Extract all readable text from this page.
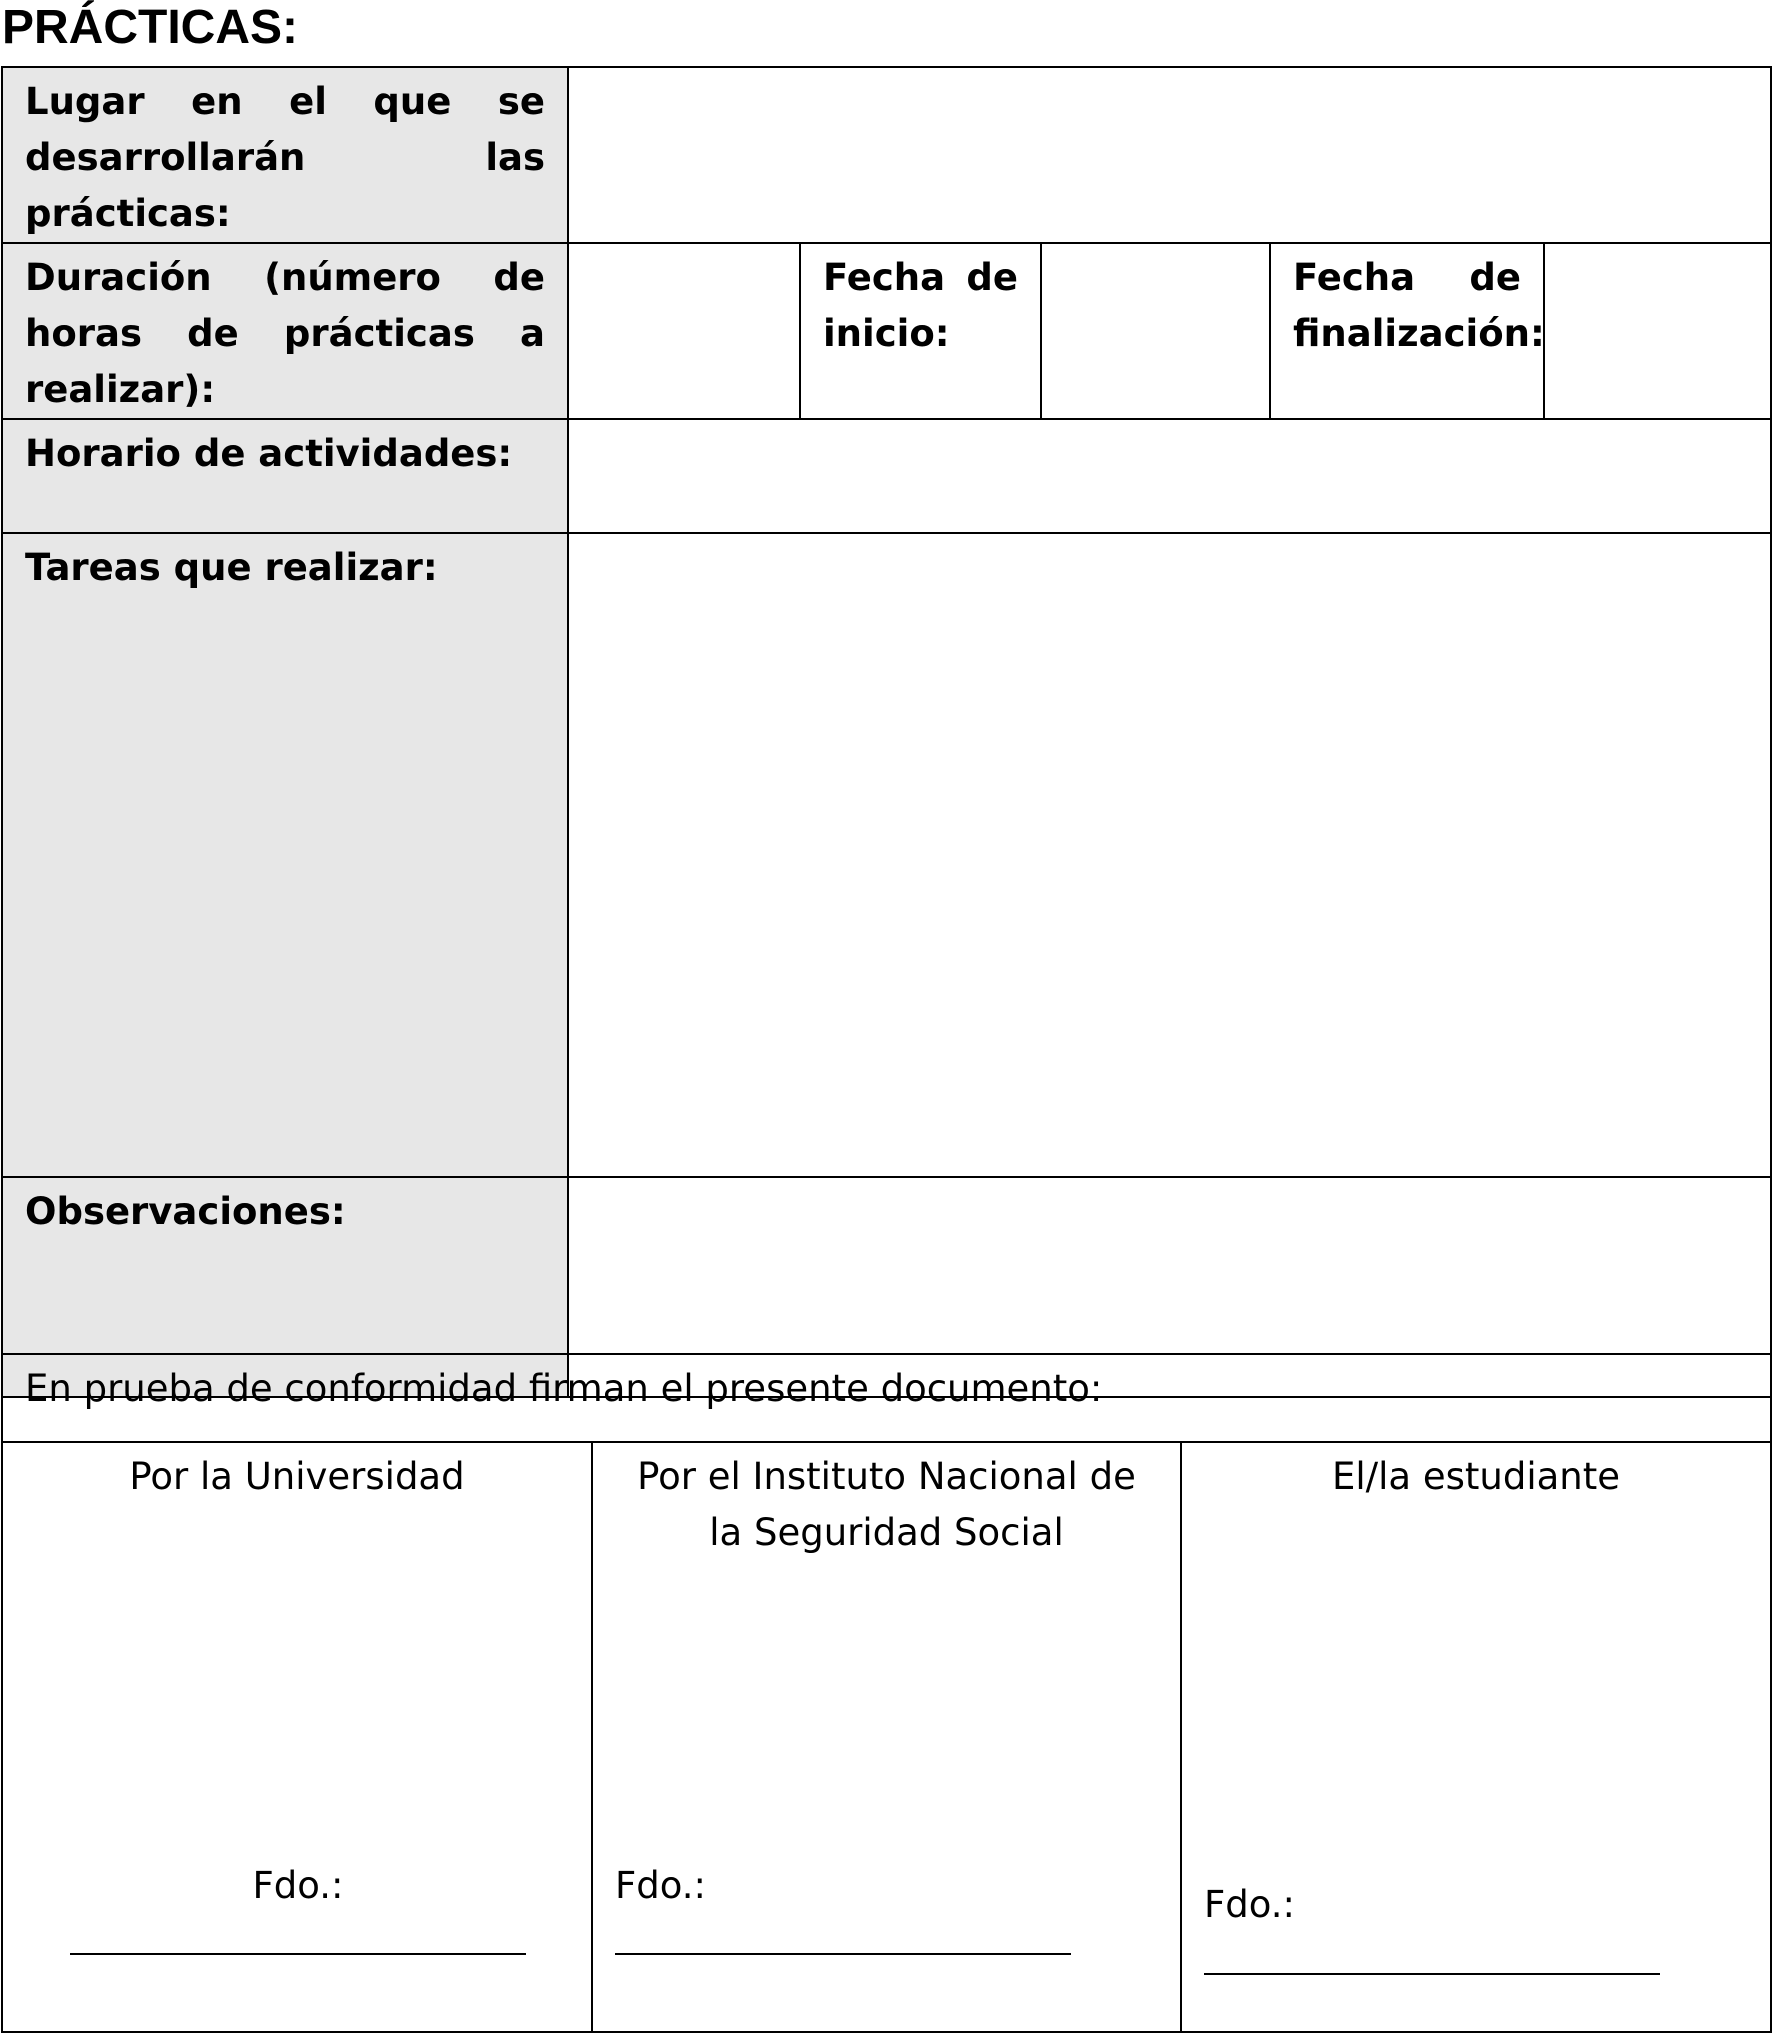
PRÁCTICAS:
Lugar en el que se desarrollarán las prácticas:					
Duración (número de horas de prácticas a realizar):		Fecha de inicio:		Fecha de finalización:	
Horario de actividades:					
Tareas que realizar:					
Observaciones:					
En prueba de conformidad firman el presente documento:

Por la Universidad
Fdo.:

Por el Instituto Nacional de la Seguridad Social
Fdo.:

El/la estudiante
Fdo.:
